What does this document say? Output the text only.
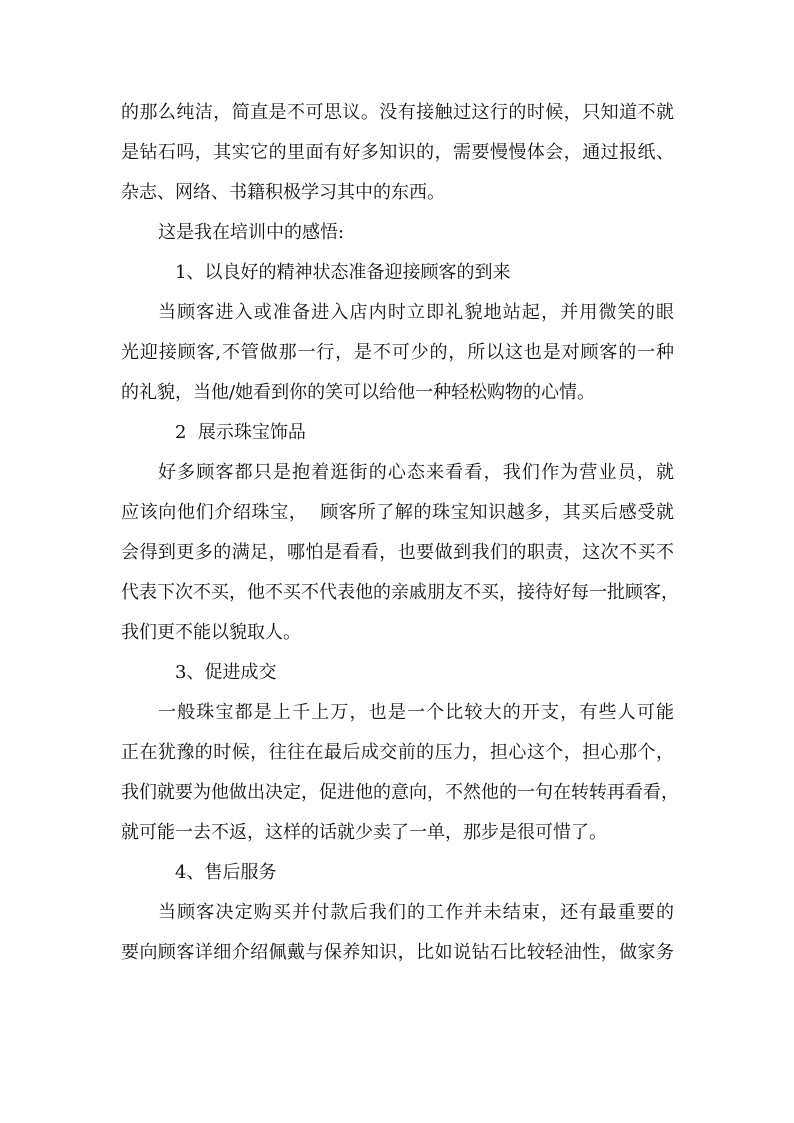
的那么纯洁，简直是不可思议。没有接触过这行的时候，只知道不就
是钻石吗，其实它的里面有好多知识的，需要慢慢体会，通过报纸、
杂志、网络、书籍积极学习其中的东西。
这是我在培训中的感悟:
1、以良好的精神状态准备迎接顾客的到来
当顾客进入或准备进入店内时立即礼貌地站起，并用微笑的眼
光迎接顾客,不管做那一行，是不可少的，所以这也是对顾客的一种
的礼貌，当他/她看到你的笑可以给他一种轻松购物的心情。
2  展示珠宝饰品
好多顾客都只是抱着逛街的心态来看看，我们作为营业员，就
应该向他们介绍珠宝，  顾客所了解的珠宝知识越多，其买后感受就
会得到更多的满足，哪怕是看看，也要做到我们的职责，这次不买不
代表下次不买，他不买不代表他的亲戚朋友不买，接待好每一批顾客，
我们更不能以貌取人。
3、促进成交
一般珠宝都是上千上万，也是一个比较大的开支，有些人可能
正在犹豫的时候，往往在最后成交前的压力，担心这个，担心那个，
我们就要为他做出决定，促进他的意向，不然他的一句在转转再看看，
就可能一去不返，这样的话就少卖了一单，那步是很可惜了。
4、售后服务
当顾客决定购买并付款后我们的工作并未结束，还有最重要的
要向顾客详细介绍佩戴与保养知识，比如说钻石比较轻油性，做家务
